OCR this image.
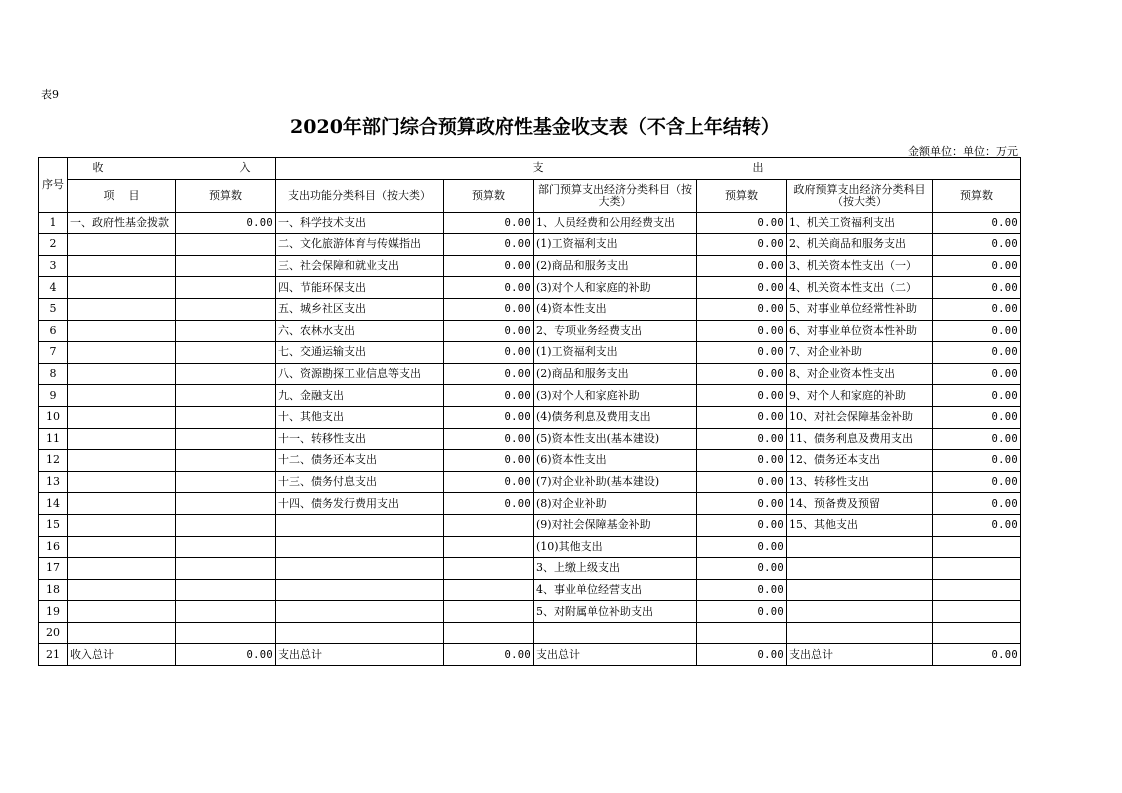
表9
2020年部门综合预算政府性基金收支表（不含上年结转）
金额单位：单位：万元
序号	收 入		支 出					
	项    目	预算数	支出功能分类科目（按大类）	预算数	部门预算支出经济分类科目（按大类）	预算数	政府预算支出经济分类科目（按大类）	预算数
1	一、政府性基金拨款	0.00	一、科学技术支出	0.00	1、人员经费和公用经费支出	0.00	1、机关工资福利支出	0.00
2			二、文化旅游体育与传媒指出	0.00	(1)工资福利支出	0.00	2、机关商品和服务支出	0.00
3			三、社会保障和就业支出	0.00	(2)商品和服务支出	0.00	3、机关资本性支出（一）	0.00
4			四、节能环保支出	0.00	(3)对个人和家庭的补助	0.00	4、机关资本性支出（二）	0.00
5			五、城乡社区支出	0.00	(4)资本性支出	0.00	5、对事业单位经常性补助	0.00
6			六、农林水支出	0.00	2、专项业务经费支出	0.00	6、对事业单位资本性补助	0.00
7			七、交通运输支出	0.00	(1)工资福利支出	0.00	7、对企业补助	0.00
8			八、资源勘探工业信息等支出	0.00	(2)商品和服务支出	0.00	8、对企业资本性支出	0.00
9			九、金融支出	0.00	(3)对个人和家庭补助	0.00	9、对个人和家庭的补助	0.00
10			十、其他支出	0.00	(4)债务利息及费用支出	0.00	10、对社会保障基金补助	0.00
11			十一、转移性支出	0.00	(5)资本性支出(基本建设)	0.00	11、债务利息及费用支出	0.00
12			十二、债务还本支出	0.00	(6)资本性支出	0.00	12、债务还本支出	0.00
13			十三、债务付息支出	0.00	(7)对企业补助(基本建设)	0.00	13、转移性支出	0.00
14			十四、债务发行费用支出	0.00	(8)对企业补助	0.00	14、预备费及预留	0.00
15					(9)对社会保障基金补助	0.00	15、其他支出	0.00
16					(10)其他支出	0.00		
17					3、上缴上级支出	0.00		
18					4、事业单位经营支出	0.00		
19					5、对附属单位补助支出	0.00		
20								
21	收入总计	0.00	支出总计	0.00	支出总计	0.00	支出总计	0.00
